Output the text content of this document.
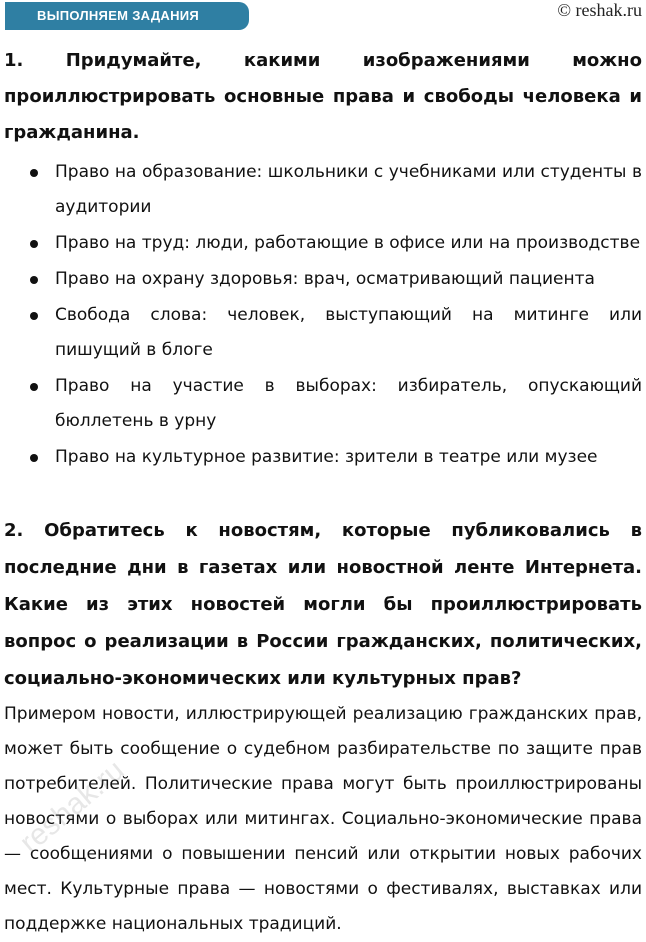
ВЫПОЛНЯЕМ ЗАДАНИЯ	© reshak.ru
1. Придумайте, какими изображениями можно проиллюстрировать основные права и свободы человека и гражданина.
Право на образование: школьники с учебниками или студенты в аудитории
Право на труд: люди, работающие в офисе или на производстве
Право на охрану здоровья: врач, осматривающий пациента
Свобода слова: человек, выступающий на митинге или пишущий в блоге
Право на участие в выборах: избиратель, опускающий бюллетень в урну
Право на культурное развитие: зрители в театре или музее
2. Обратитесь к новостям, которые публиковались в последние дни в газетах или новостной ленте Интернета. Какие из этих новостей могли бы проиллюстрировать вопрос о реализации в России гражданских, политических, социально-экономических или культурных прав?
Примером новости, иллюстрирующей реализацию гражданских прав, может быть сообщение о судебном разбирательстве по защите прав потребителей. Политические права могут быть проиллюстрированы новостями о выборах или митингах. Социально-экономические права — сообщениями о повышении пенсий или открытии новых рабочих мест. Культурные права — новостями о фестивалях, выставках или поддержке национальных традиций.
reshak.ru
